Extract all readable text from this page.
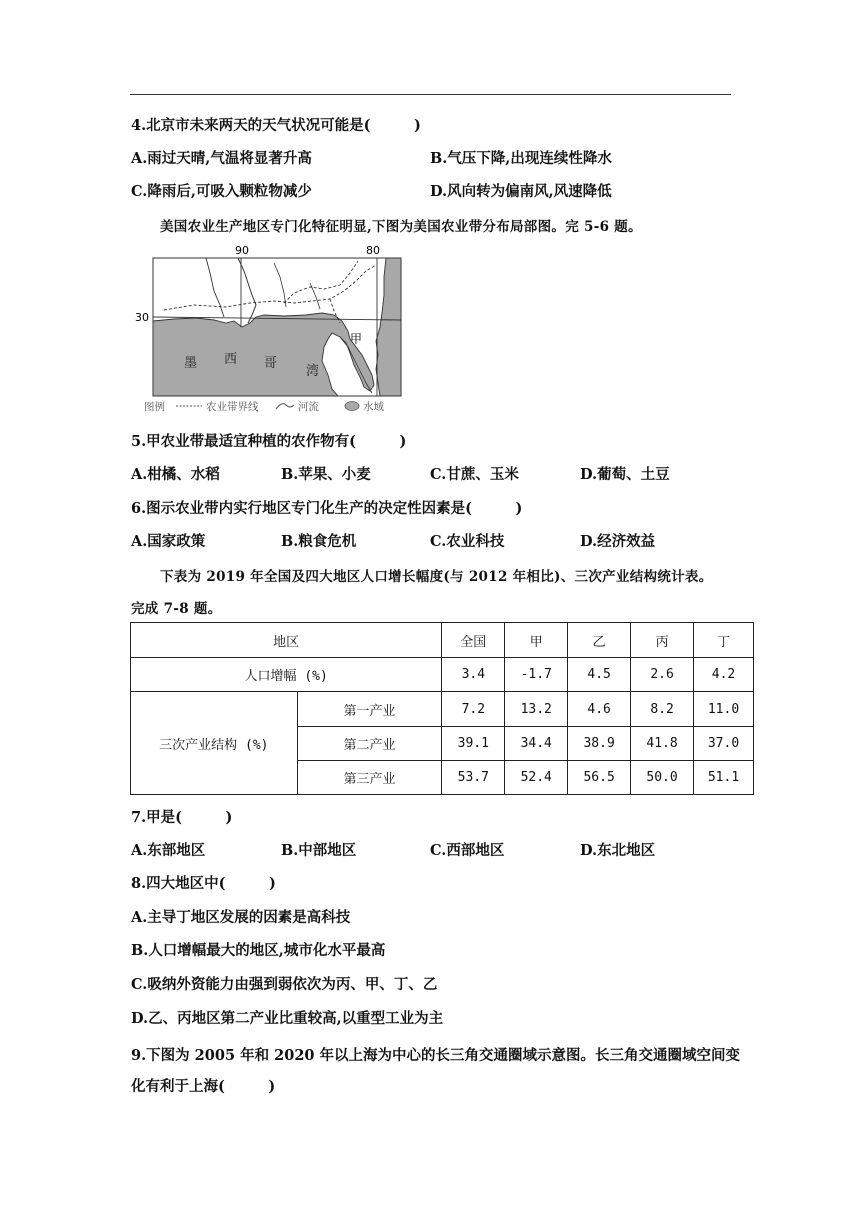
4.北京市未来两天的天气状况可能是(　　　)
A.雨过天晴,气温将显著升高	B.气压下降,出现连续性降水
C.降雨后,可吸入颗粒物减少	D.风向转为偏南风,风速降低
美国农业生产地区专门化特征明显,下图为美国农业带分布局部图。完 5-6 题。
90	80
30
甲
墨 西 哥
湾
图例	农业带界线	河流	水域
5.甲农业带最适宜种植的农作物有(　　　)
A.柑橘、水稻	B.苹果、小麦	C.甘蔗、玉米	D.葡萄、土豆
6.图示农业带内实行地区专门化生产的决定性因素是(　　　)
A.国家政策	B.粮食危机	C.农业科技	D.经济效益
下表为 2019 年全国及四大地区人口增长幅度(与 2012 年相比)、三次产业结构统计表。
完成 7-8 题。
地区		全国	甲	乙	丙	丁
人口增幅 (%)		3.4	-1.7	4.5	2.6	4.2
三次产业结构 (%)	第一产业	7.2	13.2	4.6	8.2	11.0
	第二产业	39.1	34.4	38.9	41.8	37.0
	第三产业	53.7	52.4	56.5	50.0	51.1
7.甲是(　　　)
A.东部地区	B.中部地区	C.西部地区	D.东北地区
8.四大地区中(　　　)
A.主导丁地区发展的因素是高科技
B.人口增幅最大的地区,城市化水平最高
C.吸纳外资能力由强到弱依次为丙、甲、丁、乙
D.乙、丙地区第二产业比重较高,以重型工业为主
9.下图为 2005 年和 2020 年以上海为中心的长三角交通圈域示意图。长三角交通圈域空间变
化有利于上海(　　　)
